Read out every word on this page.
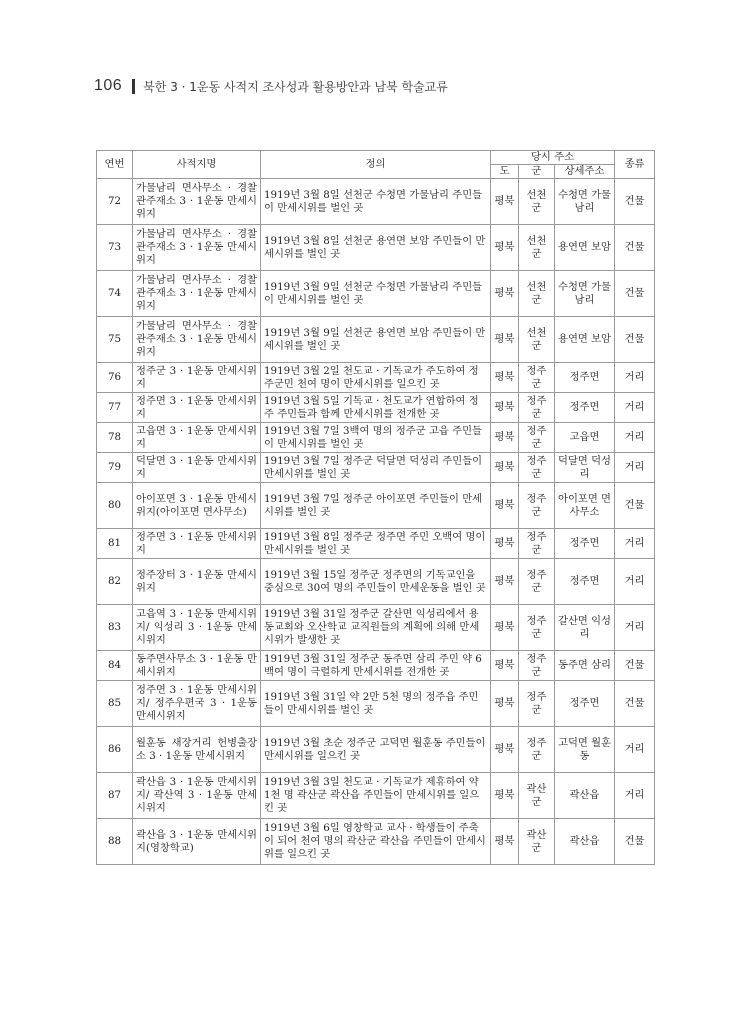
106 북한 3 · 1운동 사적지 조사성과 활용방안과 남북 학술교류
연번	사적지명	정의	당시 주소			종류
			도	군	상세주소	
72	가물남리 면사무소 · 경찰관주재소 3 · 1운동 만세시위지	1919년 3월 8일 선천군 수청면 가물남리 주민들이 만세시위를 벌인 곳	평북	선천군	수청면 가물남리	건물
73	가물남리 면사무소 · 경찰관주재소 3 · 1운동 만세시위지	1919년 3월 8일 선천군 용연면 보암 주민들이 만세시위를 벌인 곳	평북	선천군	용연면 보암	건물
74	가물남리 면사무소 · 경찰관주재소 3 · 1운동 만세시위지	1919년 3월 9일 선천군 수청면 가물남리 주민들이 만세시위를 벌인 곳	평북	선천군	수청면 가물남리	건물
75	가물남리 면사무소 · 경찰관주재소 3 · 1운동 만세시위지	1919년 3월 9일 선천군 용연면 보암 주민들이 만세시위를 벌인 곳	평북	선천군	용연면 보암	건물
76	정주군 3 · 1운동 만세시위지	1919년 3월 2일 천도교 · 기독교가 주도하여 정주군민 천여 명이 만세시위를 일으킨 곳	평북	정주군	정주면	거리
77	정주면 3 · 1운동 만세시위지	1919년 3월 5일 기독교 · 천도교가 연합하여 정주 주민들과 함께 만세시위를 전개한 곳	평북	정주군	정주면	거리
78	고읍면 3 · 1운동 만세시위지	1919년 3월 7일 3백여 명의 정주군 고읍 주민들이 만세시위를 벌인 곳	평북	정주군	고읍면	거리
79	덕달면 3 · 1운동 만세시위지	1919년 3월 7일 정주군 덕달면 덕성리 주민들이 만세시위를 벌인 곳	평북	정주군	덕달면 덕성리	거리
80	아이포면 3 · 1운동 만세시위지(아이포면 면사무소)	1919년 3월 7일 정주군 아이포면 주민들이 만세시위를 벌인 곳	평북	정주군	아이포면 면사무소	건물
81	정주면 3 · 1운동 만세시위지	1919년 3월 8일 정주군 정주면 주민 오백여 명이 만세시위를 벌인 곳	평북	정주군	정주면	거리
82	정주장터 3 · 1운동 만세시위지	1919년 3월 15일 정주군 정주면의 기독교인을 중심으로 30여 명의 주민들이 만세운동을 벌인 곳	평북	정주군	정주면	거리
83	고읍역 3 · 1운동 만세시위지/ 익성리 3 · 1운동 만세시위지	1919년 3월 31일 정주군 갈산면 익성리에서 용동교회와 오산학교 교직원들의 계획에 의해 만세시위가 발생한 곳	평북	정주군	갈산면 익성리	거리
84	동주면사무소 3 · 1운동 만세시위지	1919년 3월 31일 정주군 동주면 삼리 주민 약 6백여 명이 극렬하게 만세시위를 전개한 곳	평북	정주군	동주면 삼리	건물
85	정주면 3 · 1운동 만세시위지/ 정주우편국 3 · 1운동 만세시위지	1919년 3월 31일 약 2만 5천 명의 정주읍 주민들이 만세시위를 벌인 곳	평북	정주군	정주면	건물
86	월훈동 새장거리 헌병출장소 3 · 1운동 만세시위지	1919년 3월 초순 정주군 고덕면 월훈동 주민들이 만세시위를 일으킨 곳	평북	정주군	고덕면 월훈동	거리
87	곽산읍 3 · 1운동 만세시위지/ 곽산역 3 · 1운동 만세시위지	1919년 3월 3일 천도교 · 기독교가 제휴하여 약 1천 명 곽산군 곽산읍 주민들이 만세시위를 일으킨 곳	평북	곽산군	곽산읍	거리
88	곽산읍 3 · 1운동 만세시위지(영창학교)	1919년 3월 6일 영창학교 교사 · 학생들이 주축이 되어 천여 명의 곽산군 곽산읍 주민들이 만세시위를 일으킨 곳	평북	곽산군	곽산읍	건물
